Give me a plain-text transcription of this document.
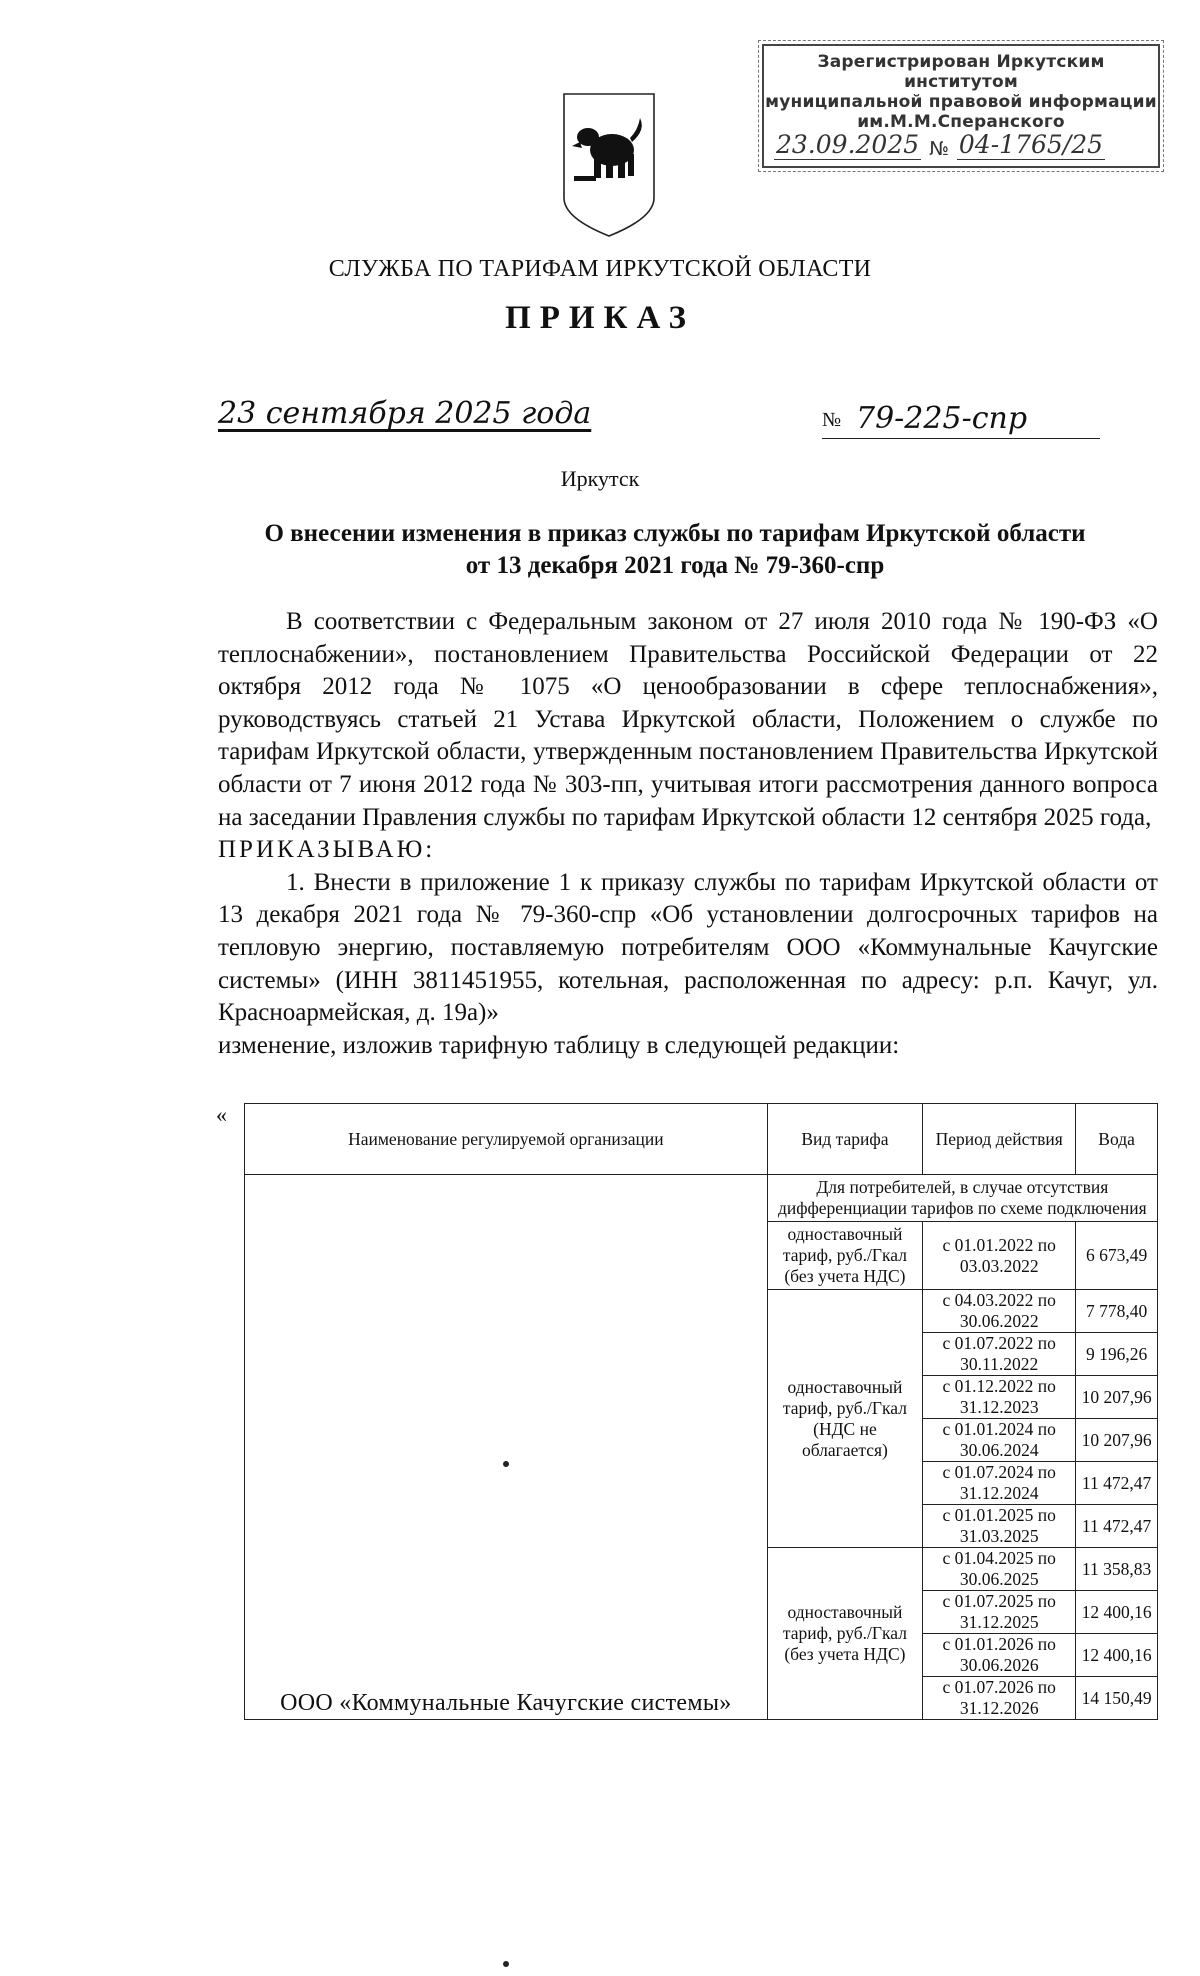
Зарегистрирован Иркутским институтом
муниципальной правовой информации
им.М.М.Сперанского
23.09.2025 № 04-1765/25
СЛУЖБА ПО ТАРИФАМ ИРКУТСКОЙ ОБЛАСТИ
ПРИКАЗ
23 сентября 2025 года	№ 79-225-спр
Иркутск
О внесении изменения в приказ службы по тарифам Иркутской области
от 13 декабря 2021 года № 79-360-спр

В соответствии с Федеральным законом от 27 июля 2010 года № 190-ФЗ «О теплоснабжении», постановлением Правительства Российской Федерации от 22 октября 2012 года № 1075 «О ценообразовании в сфере теплоснабжения», руководствуясь статьей 21 Устава Иркутской области, Положением о службе по тарифам Иркутской области, утвержденным постановлением Правительства Иркутской области от 7 июня 2012 года № 303-пп, учитывая итоги рассмотрения данного вопроса на заседании Правления службы по тарифам Иркутской области 12 сентября 2025 года,

ПРИКАЗЫВАЮ:

1. Внести в приложение 1 к приказу службы по тарифам Иркутской области от 13 декабря 2021 года № 79-360-спр «Об установлении долгосрочных тарифов на тепловую энергию, поставляемую потребителям ООО «Коммунальные Качугские системы» (ИНН 3811451955, котельная, расположенная по адресу: р.п. Качуг, ул. Красноармейская, д. 19а)»

изменение, изложив тарифную таблицу в следующей редакции:

«
Наименование регулируемой организации	Вид тарифа	Период действия	Вода

ООО «Коммунальные Качугские системы»	Для потребителей, в случае отсутствия дифференциации тарифов по схеме подключения		
	одноставочный тариф, руб./Гкал (без учета НДС)	с 01.01.2022 по 03.03.2022	6 673,49
	одноставочный тариф, руб./Гкал (НДС не облагается)	с 04.03.2022 по 30.06.2022	7 778,40
		с 01.07.2022 по 30.11.2022	9 196,26
		с 01.12.2022 по 31.12.2023	10 207,96
		с 01.01.2024 по 30.06.2024	10 207,96
		с 01.07.2024 по 31.12.2024	11 472,47
		с 01.01.2025 по 31.03.2025	11 472,47
	одноставочный тариф, руб./Гкал (без учета НДС)	с 01.04.2025 по 30.06.2025	11 358,83
		с 01.07.2025 по 31.12.2025	12 400,16
		с 01.01.2026 по 30.06.2026	12 400,16
		с 01.07.2026 по 31.12.2026	14 150,49
